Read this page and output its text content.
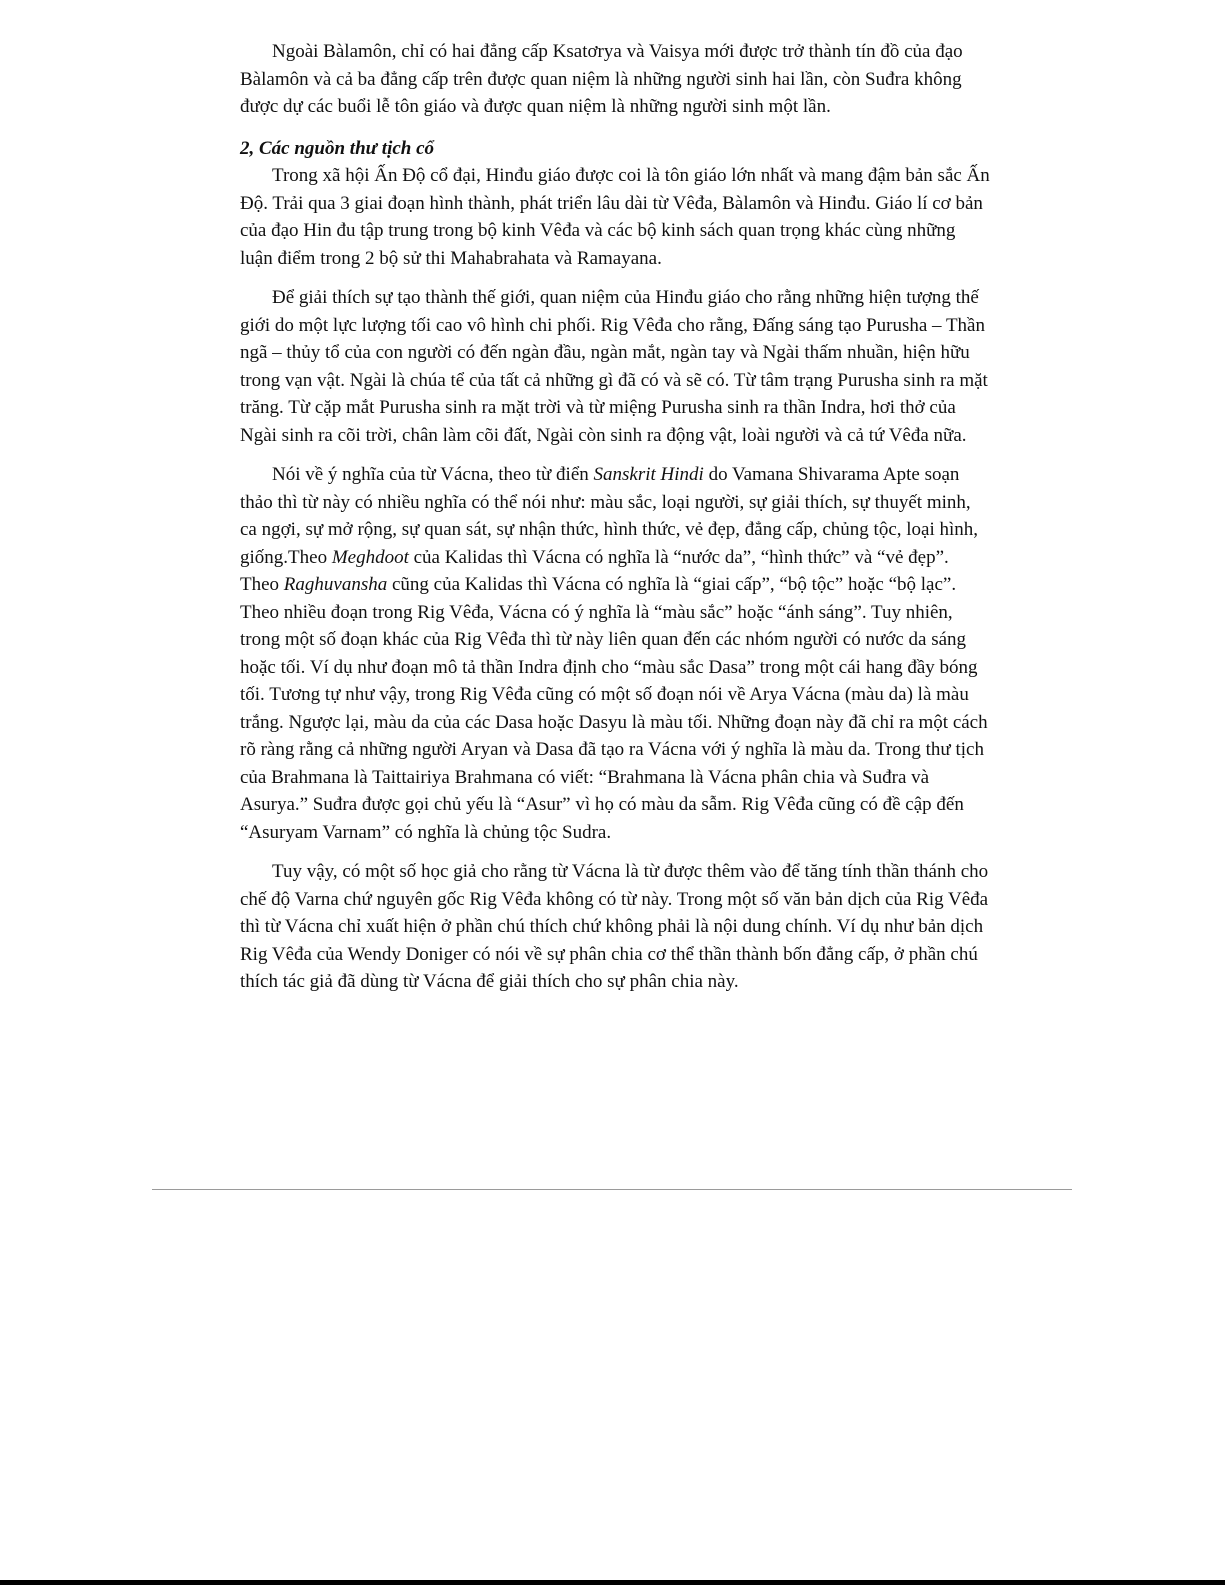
Ngoài Bàlamôn, chỉ có hai đẳng cấp Ksatơrya và Vaisya mới được trở thành tín đồ của đạo Bàlamôn và cả ba đẳng cấp trên được quan niệm là những người sinh hai lần, còn Suđra không được dự các buổi lễ tôn giáo và được quan niệm là những người sinh một lần.

2, Các nguồn thư tịch cổ

Trong xã hội Ấn Độ cổ đại, Hinđu giáo được coi là tôn giáo lớn nhất và mang đậm bản sắc Ấn Độ. Trải qua 3 giai đoạn hình thành, phát triển lâu dài từ Vêđa, Bàlamôn và Hinđu. Giáo lí cơ bản của đạo Hin đu tập trung trong bộ kinh Vêđa và các bộ kinh sách quan trọng khác cùng những luận điểm trong 2 bộ sử thi Mahabrahata và Ramayana.

Để giải thích sự tạo thành thế giới, quan niệm của Hinđu giáo cho rằng những hiện tượng thế giới do một lực lượng tối cao vô hình chi phối. Rig Vêđa cho rằng, Đấng sáng tạo Purusha – Thần ngã – thủy tổ của con người có đến ngàn đầu, ngàn mắt, ngàn tay và Ngài thấm nhuần, hiện hữu trong vạn vật. Ngài là chúa tể của tất cả những gì đã có và sẽ có. Từ tâm trạng Purusha sinh ra mặt trăng. Từ cặp mắt Purusha sinh ra mặt trời và từ miệng Purusha sinh ra thần Indra, hơi thở của Ngài sinh ra cõi trời, chân làm cõi đất, Ngài còn sinh ra động vật, loài người và cả tứ Vêđa nữa.

Nói về ý nghĩa của từ Vácna, theo từ điển Sanskrit Hindi do Vamana Shivarama Apte soạn thảo thì từ này có nhiều nghĩa có thể nói như: màu sắc, loại người, sự giải thích, sự thuyết minh, ca ngợi, sự mở rộng, sự quan sát, sự nhận thức, hình thức, vẻ đẹp, đẳng cấp, chủng tộc, loại hình, giống.Theo Meghdoot của Kalidas thì Vácna có nghĩa là “nước da”, “hình thức” và “vẻ đẹp”. Theo Raghuvansha cũng của Kalidas thì Vácna có nghĩa là “giai cấp”, “bộ tộc” hoặc “bộ lạc”. Theo nhiều đoạn trong Rig Vêđa, Vácna có ý nghĩa là “màu sắc” hoặc “ánh sáng”. Tuy nhiên, trong một số đoạn khác của Rig Vêđa thì từ này liên quan đến các nhóm người có nước da sáng hoặc tối. Ví dụ như đoạn mô tả thần Indra định cho “màu sắc Dasa” trong một cái hang đầy bóng tối. Tương tự như vậy, trong Rig Vêđa cũng có một số đoạn nói về Arya Vácna (màu da) là màu trắng. Ngược lại, màu da của các Dasa hoặc Dasyu là màu tối. Những đoạn này đã chỉ ra một cách rõ ràng rằng cả những người Aryan và Dasa đã tạo ra Vácna với ý nghĩa là màu da. Trong thư tịch của Brahmana là Taittairiya Brahmana có viết: “Brahmana là Vácna phân chia và Suđra và Asurya.” Suđra được gọi chủ yếu là “Asur” vì họ có màu da sẫm. Rig Vêđa cũng có đề cập đến “Asuryam Varnam” có nghĩa là chủng tộc Sudra.

Tuy vậy, có một số học giả cho rằng từ Vácna là từ được thêm vào để tăng tính thần thánh cho chế độ Varna chứ nguyên gốc Rig Vêđa không có từ này. Trong một số văn bản dịch của Rig Vêđa thì từ Vácna chỉ xuất hiện ở phần chú thích chứ không phải là nội dung chính. Ví dụ như bản dịch Rig Vêđa của Wendy Doniger có nói về sự phân chia cơ thể thần thành bốn đẳng cấp, ở phần chú thích tác giả đã dùng từ Vácna để giải thích cho sự phân chia này.
